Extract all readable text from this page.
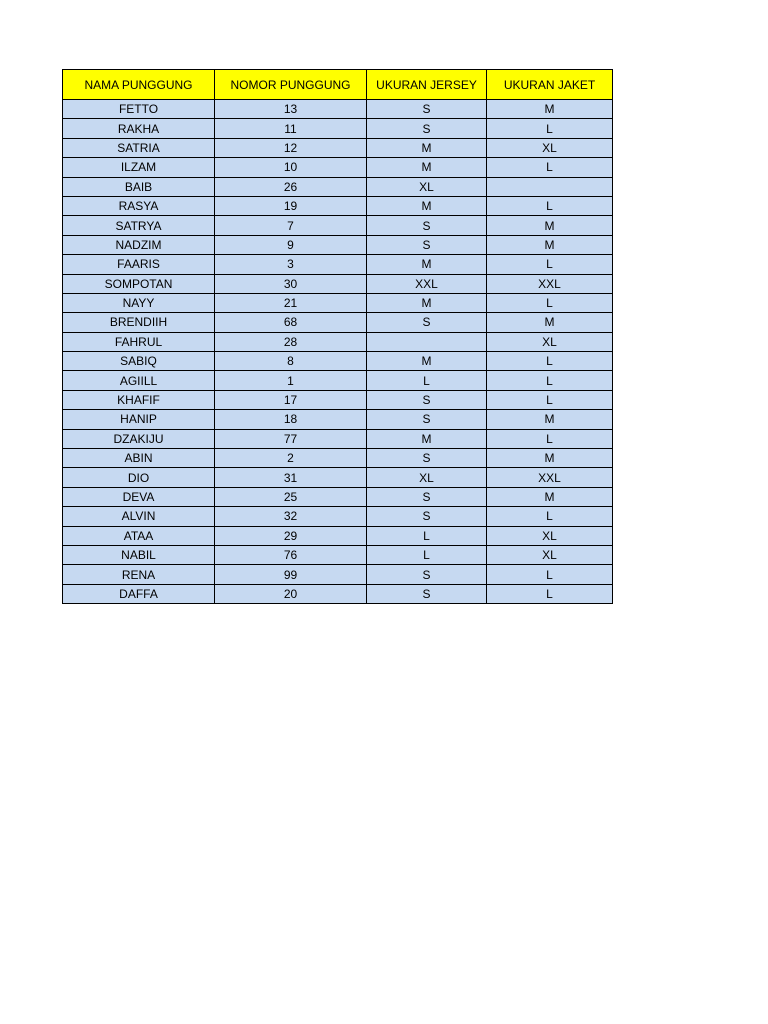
NAMA PUNGGUNG	NOMOR PUNGGUNG	UKURAN JERSEY	UKURAN JAKET
FETTO	13	S	M
RAKHA	11	S	L
SATRIA	12	M	XL
ILZAM	10	M	L
BAIB	26	XL	
RASYA	19	M	L
SATRYA	7	S	M
NADZIM	9	S	M
FAARIS	3	M	L
SOMPOTAN	30	XXL	XXL
NAYY	21	M	L
BRENDIIH	68	S	M
FAHRUL	28		XL
SABIQ	8	M	L
AGIILL	1	L	L
KHAFIF	17	S	L
HANIP	18	S	M
DZAKIJU	77	M	L
ABIN	2	S	M
DIO	31	XL	XXL
DEVA	25	S	M
ALVIN	32	S	L
ATAA	29	L	XL
NABIL	76	L	XL
RENA	99	S	L
DAFFA	20	S	L
